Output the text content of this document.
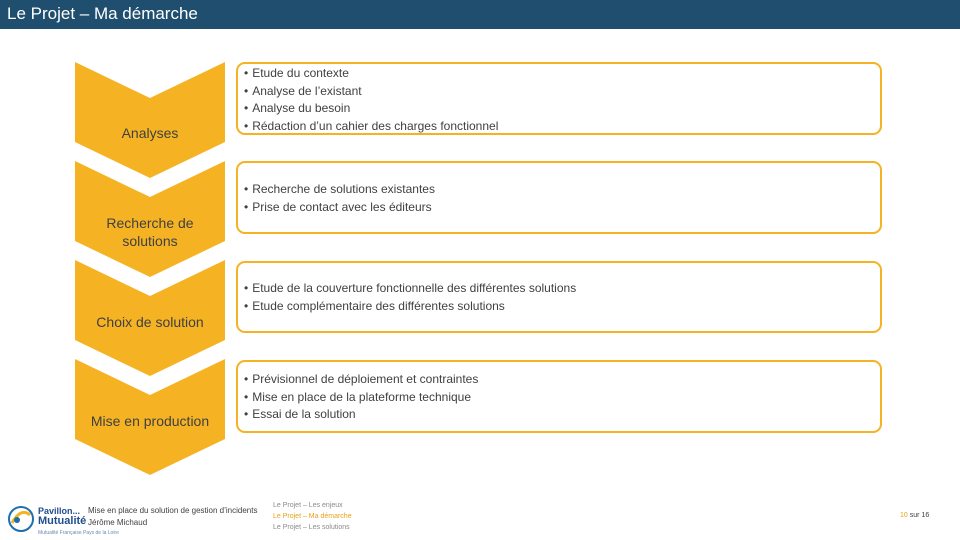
Le Projet – Ma démarche
Analyses
Recherche de
solutions
Choix de solution
Mise en production
• Etude du contexte
• Analyse de l’existant
• Analyse du besoin
• Rédaction d’un cahier des charges fonctionnel
• Recherche de solutions existantes
• Prise de contact avec les éditeurs
• Etude de la couverture fonctionnelle des différentes solutions
• Etude complémentaire des différentes solutions
• Prévisionnel de déploiement et contraintes
• Mise en place de la plateforme technique
• Essai de la solution
Pavillon...
Mutualité
Mutualité Française Pays de la Loire
Mise en place du solution de gestion d’incidents
Jérôme Michaud
Le Projet – Les enjeux
Le Projet – Ma démarche
Le Projet – Les solutions
10 sur 16
